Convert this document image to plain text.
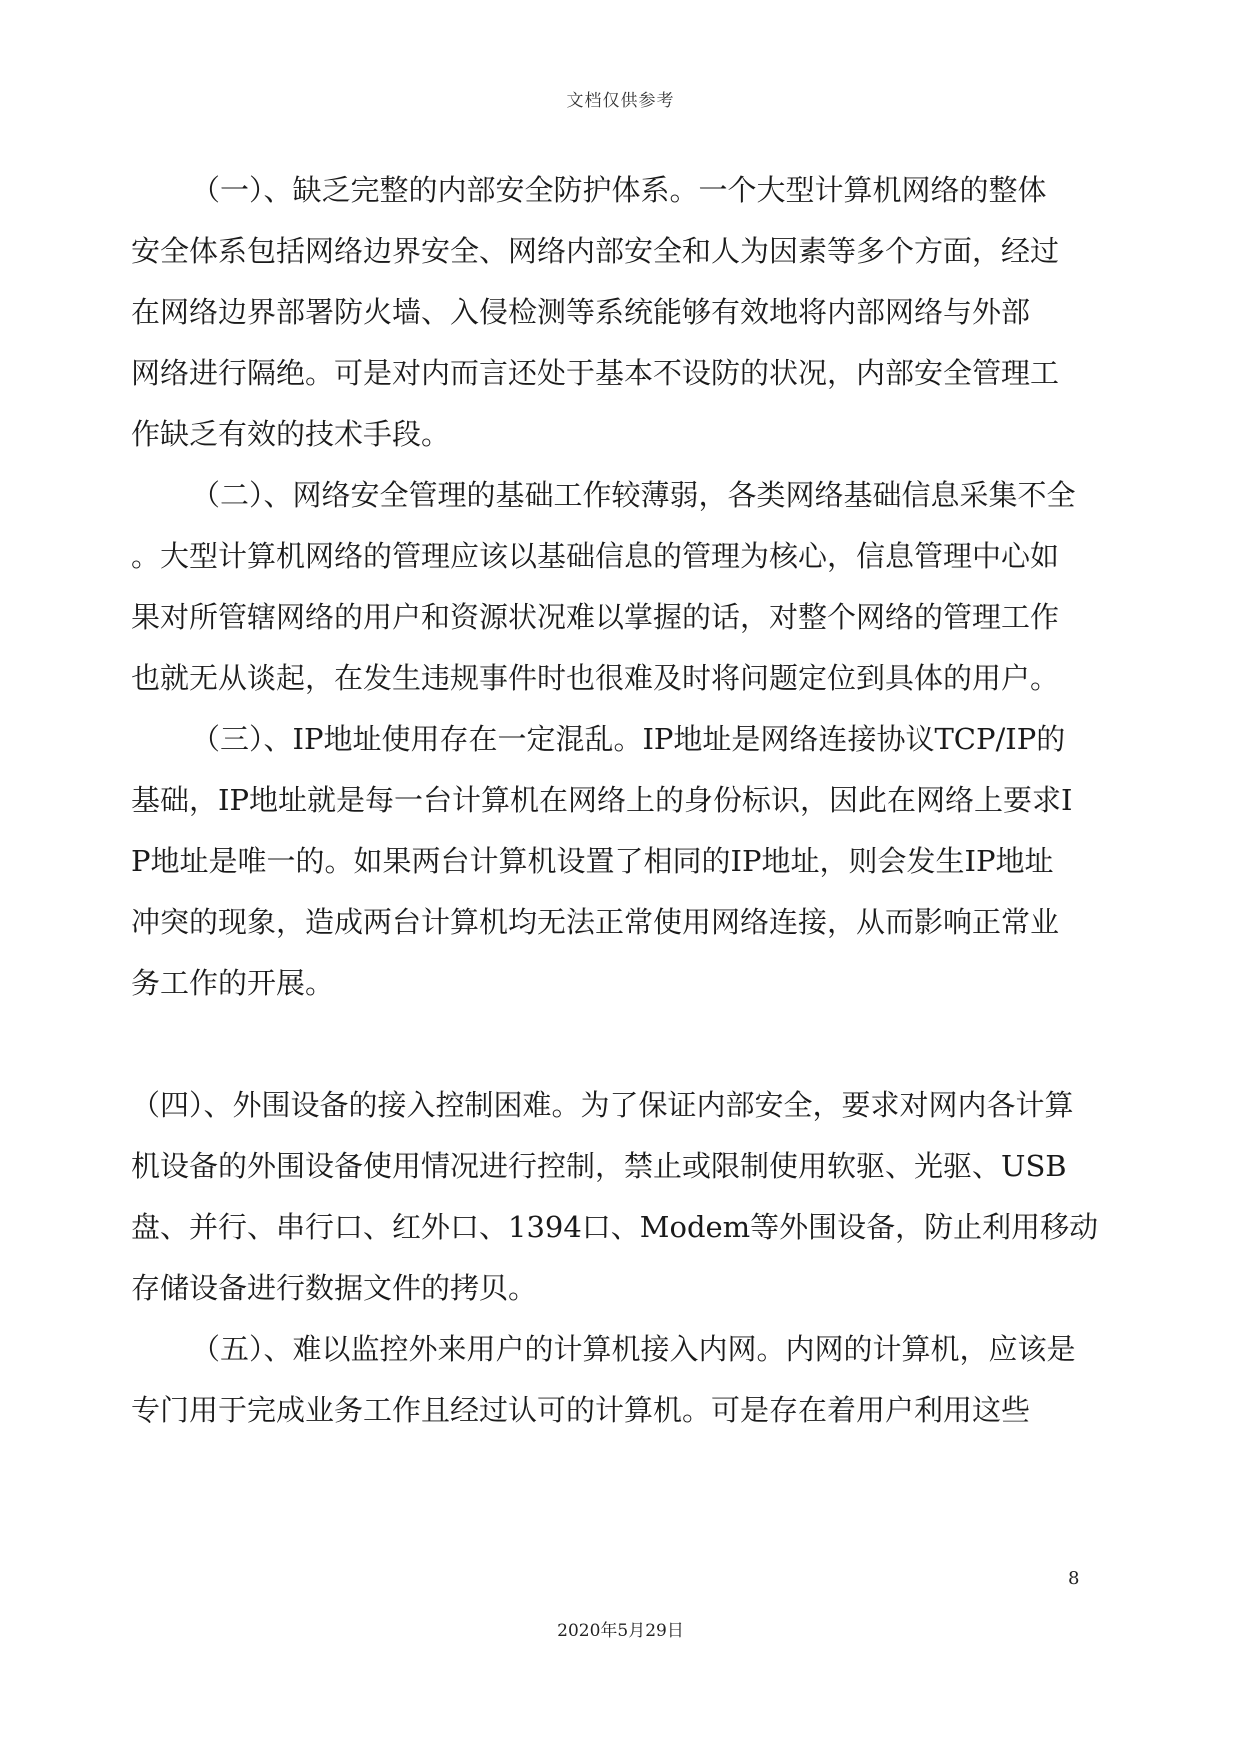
文档仅供参考
（一）、缺乏完整的内部安全防护体系。一个大型计算机网络的整体
安全体系包括网络边界安全、网络内部安全和人为因素等多个方面，经过
在网络边界部署防火墙、入侵检测等系统能够有效地将内部网络与外部
网络进行隔绝。可是对内而言还处于基本不设防的状况，内部安全管理工
作缺乏有效的技术手段。
（二）、网络安全管理的基础工作较薄弱，各类网络基础信息采集不全
。大型计算机网络的管理应该以基础信息的管理为核心，信息管理中心如
果对所管辖网络的用户和资源状况难以掌握的话，对整个网络的管理工作
也就无从谈起，在发生违规事件时也很难及时将问题定位到具体的用户。
（三）、IP地址使用存在一定混乱。IP地址是网络连接协议TCP/IP的
基础，IP地址就是每一台计算机在网络上的身份标识，因此在网络上要求I
P地址是唯一的。如果两台计算机设置了相同的IP地址，则会发生IP地址
冲突的现象，造成两台计算机均无法正常使用网络连接，从而影响正常业
务工作的开展。
（四）、外围设备的接入控制困难。为了保证内部安全，要求对网内各计算
机设备的外围设备使用情况进行控制，禁止或限制使用软驱、光驱、USB
盘、并行、串行口、红外口、1394口、Modem等外围设备，防止利用移动
存储设备进行数据文件的拷贝。
（五）、难以监控外来用户的计算机接入内网。内网的计算机，应该是
专门用于完成业务工作且经过认可的计算机。可是存在着用户利用这些
8
2020年5月29日
